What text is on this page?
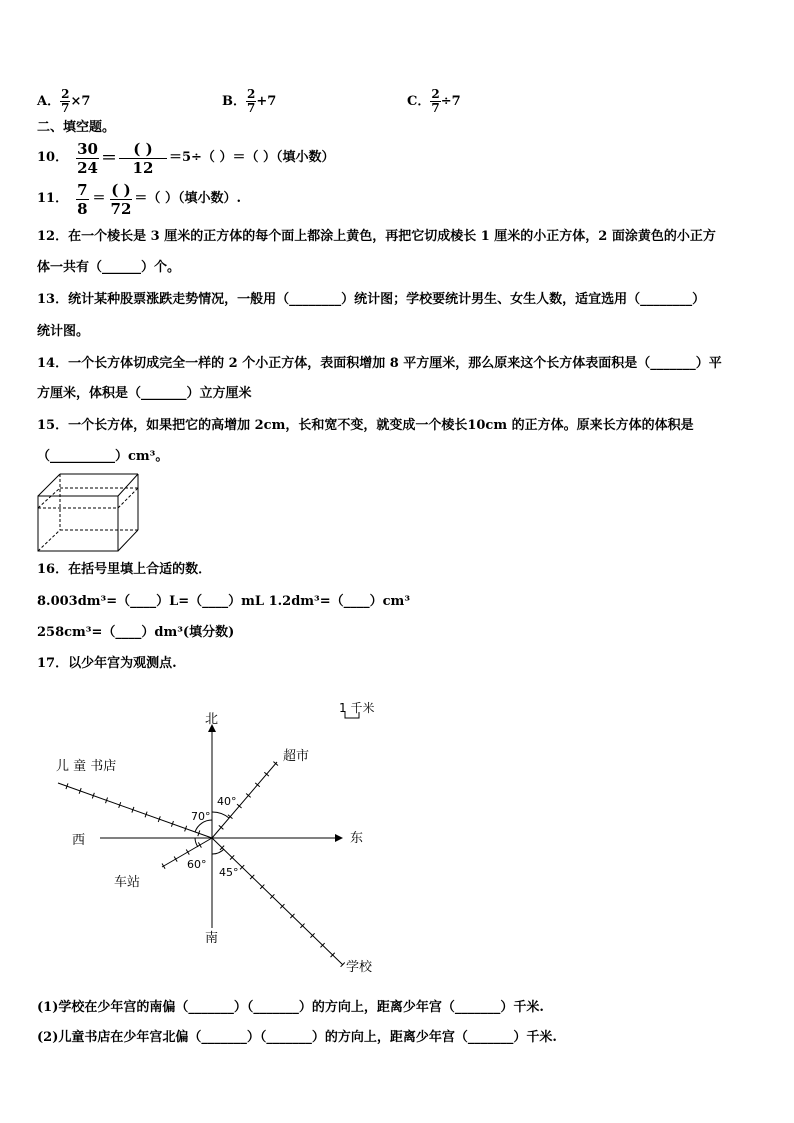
A． $\frac{2}{7} \times 7$	B． $\frac{2}{7} +7$	C． $\frac{2}{7} \div 7$
二、填空题。
10． $\frac{30}{24} = \frac{( )}{12} =5\div$（ ）＝（ ）（填小数）
11． $\frac{7}{8} = \frac{( )}{72}$ ＝（ ）（填小数）.
12．在一个棱长是 3 厘米的正方体的每个面上都涂上黄色，再把它切成棱长 1 厘米的小正方体，2 面涂黄色的小正方
体一共有（______）个。
13．统计某种股票涨跌走势情况，一般用（________）统计图；学校要统计男生、女生人数，适宜选用（________）
统计图。
14．一个长方体切成完全一样的 2 个小正方体，表面积增加 8 平方厘米，那么原来这个长方体表面积是（_______）平
方厘米，体积是（_______）立方厘米
15．一个长方体，如果把它的高增加 2cm，长和宽不变，就变成一个棱长10cm 的正方体。原来长方体的体积是
（__________）cm³。
16．在括号里填上合适的数．
8.003dm³=（____）L=（____）mL 1.2dm³=（____）cm³
258cm³=（____）dm³(填分数)
17．以少年宫为观测点.
北
南
西	东
儿 童 书店
超市
车站
学校
1 千米
40°
70°
60°
45°
(1)学校在少年宫的南偏（_______）（_______）的方向上，距离少年宫（_______）千米.
(2)儿童书店在少年宫北偏（_______）（_______）的方向上，距离少年宫（_______）千米.
